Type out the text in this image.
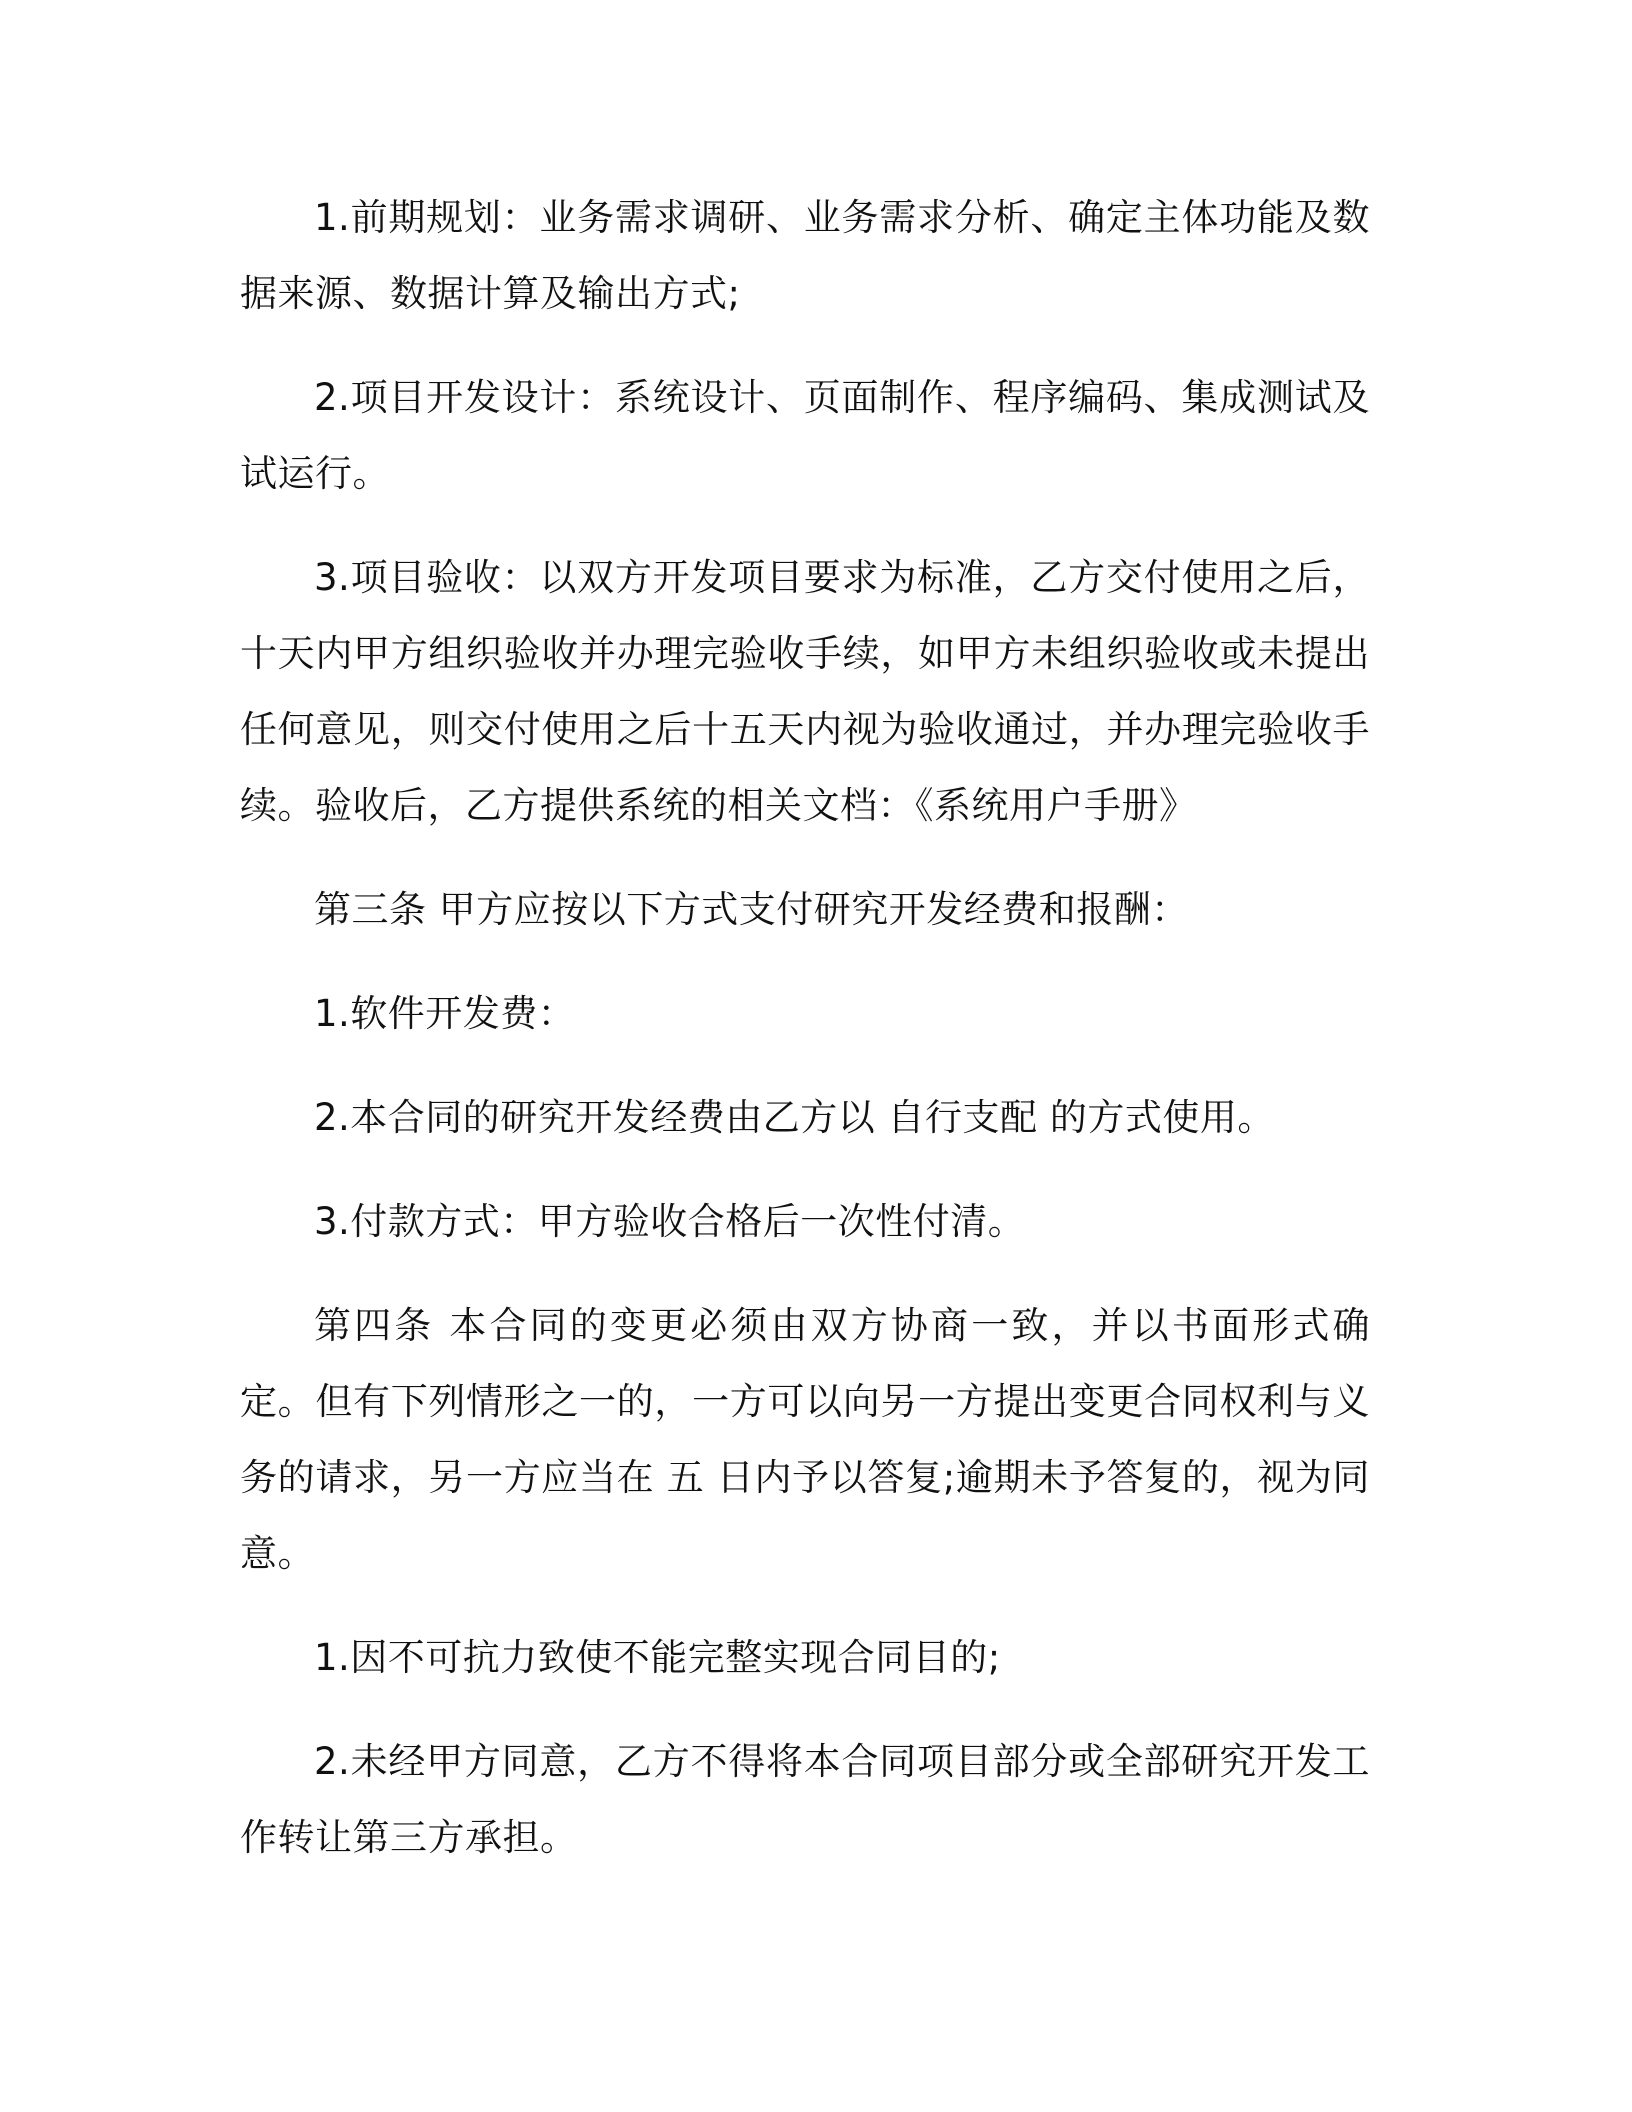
1.前期规划：业务需求调研、业务需求分析、确定主体功能及数据来源、数据计算及输出方式;

2.项目开发设计：系统设计、页面制作、程序编码、集成测试及试运行。

3.项目验收：以双方开发项目要求为标准，乙方交付使用之后，十天内甲方组织验收并办理完验收手续，如甲方未组织验收或未提出任何意见，则交付使用之后十五天内视为验收通过，并办理完验收手续。验收后，乙方提供系统的相关文档：《系统用户手册》

第三条 甲方应按以下方式支付研究开发经费和报酬：

1.软件开发费：

2.本合同的研究开发经费由乙方以 自行支配 的方式使用。

3.付款方式：甲方验收合格后一次性付清。

第四条 本合同的变更必须由双方协商一致，并以书面形式确定。但有下列情形之一的，一方可以向另一方提出变更合同权利与义务的请求，另一方应当在 五 日内予以答复;逾期未予答复的，视为同意。

1.因不可抗力致使不能完整实现合同目的;

2.未经甲方同意，乙方不得将本合同项目部分或全部研究开发工作转让第三方承担。
